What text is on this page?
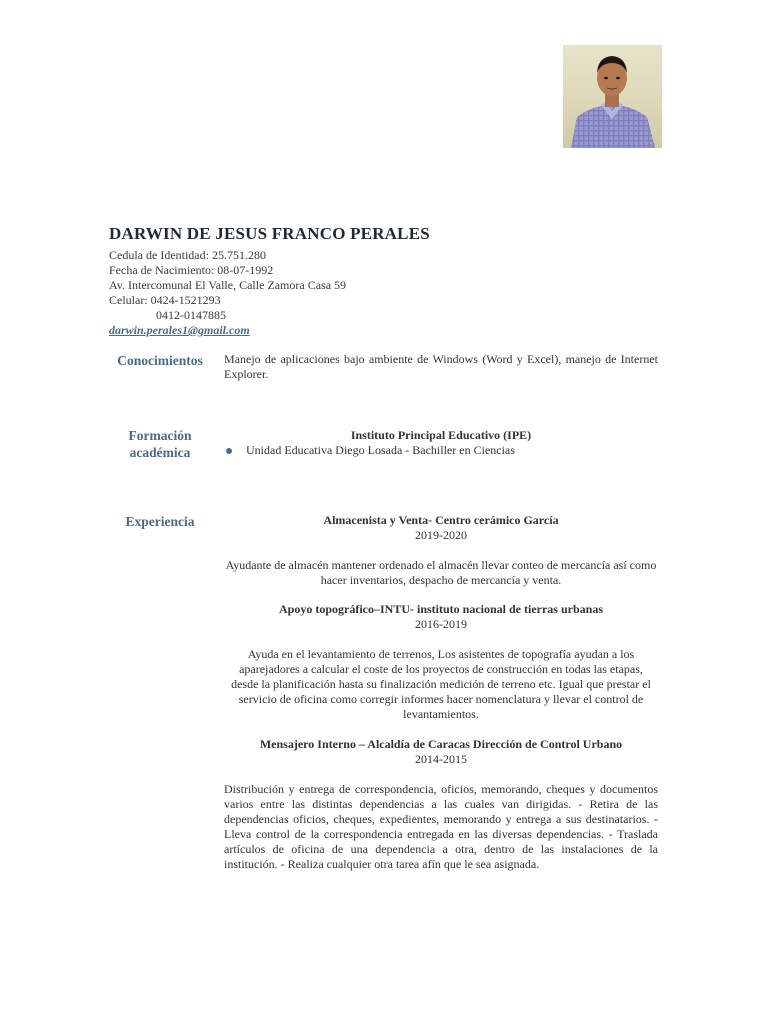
DARWIN DE JESUS FRANCO PERALES
Cedula de Identidad: 25.751.280
Fecha de Nacimiento: 08-07-1992
Av. Intercomunal El Valle, Calle Zamora Casa 59
Celular: 0424-1521293
0412-0147885
darwin.perales1@gmail.com
Conocimientos	Manejo de aplicaciones bajo ambiente de Windows (Word y Excel), manejo de Internet Explorer.
Formación
académica
Instituto Principal Educativo (IPE)
Unidad Educativa Diego Losada - Bachiller en Ciencias
Experiencia	Almacenista y Venta- Centro cerámico García
2019-2020
Ayudante de almacén mantener ordenado el almacén llevar conteo de mercancía así como hacer inventarios, despacho de mercancía y venta.
Apoyo topográfico–INTU- instituto nacional de tierras urbanas
2016-2019
Ayuda en el levantamiento de terrenos, Los asistentes de topografía ayudan a los aparejadores a calcular el coste de los proyectos de construcción en todas las etapas, desde la planificación hasta su finalización medición de terreno etc. Igual que prestar el servicio de oficina como corregir informes hacer nomenclatura y llevar el control de levantamientos.
Mensajero Interno – Alcaldía de Caracas Dirección de Control Urbano
2014-2015
Distribución y entrega de correspondencia, oficios, memorando, cheques y documentos varios entre las distintas dependencias a las cuales van dirigidas. - Retira de las dependencias oficios, cheques, expedientes, memorando y entrega a sus destinatarios. - Lleva control de la correspondencia entregada en las diversas dependencias. - Traslada artículos de oficina de una dependencia a otra, dentro de las instalaciones de la institución. - Realiza cualquier otra tarea afín que le sea asignada.
